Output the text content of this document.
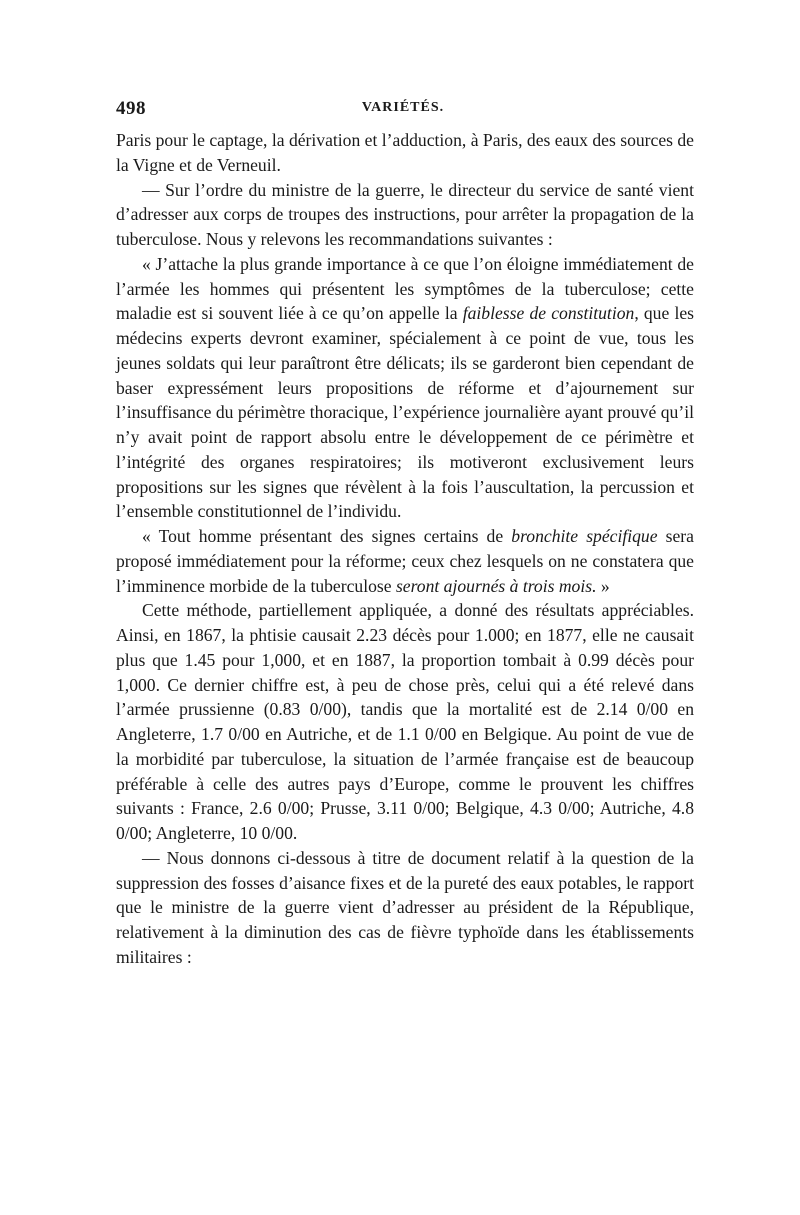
498	VARIÉTÉS.

Paris pour le captage, la dérivation et l’adduction, à Paris, des eaux des sources de la Vigne et de Verneuil.

— Sur l’ordre du ministre de la guerre, le directeur du service de santé vient d’adresser aux corps de troupes des instructions, pour arrêter la propagation de la tuberculose. Nous y relevons les recommandations suivantes :

« J’attache la plus grande importance à ce que l’on éloigne immédiatement de l’armée les hommes qui présentent les symptômes de la tuberculose; cette maladie est si souvent liée à ce qu’on appelle la faiblesse de constitution, que les médecins experts devront examiner, spécialement à ce point de vue, tous les jeunes soldats qui leur paraîtront être délicats; ils se garderont bien cependant de baser expressément leurs propositions de réforme et d’ajournement sur l’insuffisance du périmètre thoracique, l’expérience journalière ayant prouvé qu’il n’y avait point de rapport absolu entre le développement de ce périmètre et l’intégrité des organes respiratoires; ils motiveront exclusivement leurs propositions sur les signes que révèlent à la fois l’auscultation, la percussion et l’ensemble constitutionnel de l’individu.

« Tout homme présentant des signes certains de bronchite spécifique sera proposé immédiatement pour la réforme; ceux chez lesquels on ne constatera que l’imminence morbide de la tuberculose seront ajournés à trois mois. »

Cette méthode, partiellement appliquée, a donné des résultats appréciables. Ainsi, en 1867, la phtisie causait 2.23 décès pour 1.000; en 1877, elle ne causait plus que 1.45 pour 1,000, et en 1887, la proportion tombait à 0.99 décès pour 1,000. Ce dernier chiffre est, à peu de chose près, celui qui a été relevé dans l’armée prussienne (0.83 0/00), tandis que la mortalité est de 2.14 0/00 en Angleterre, 1.7 0/00 en Autriche, et de 1.1 0/00 en Belgique. Au point de vue de la morbidité par tuberculose, la situation de l’armée française est de beaucoup préférable à celle des autres pays d’Europe, comme le prouvent les chiffres suivants : France, 2.6 0/00; Prusse, 3.11 0/00; Belgique, 4.3 0/00; Autriche, 4.8 0/00; Angleterre, 10 0/00.

— Nous donnons ci-dessous à titre de document relatif à la question de la suppression des fosses d’aisance fixes et de la pureté des eaux potables, le rapport que le ministre de la guerre vient d’adresser au président de la République, relativement à la diminution des cas de fièvre typhoïde dans les établissements militaires :
